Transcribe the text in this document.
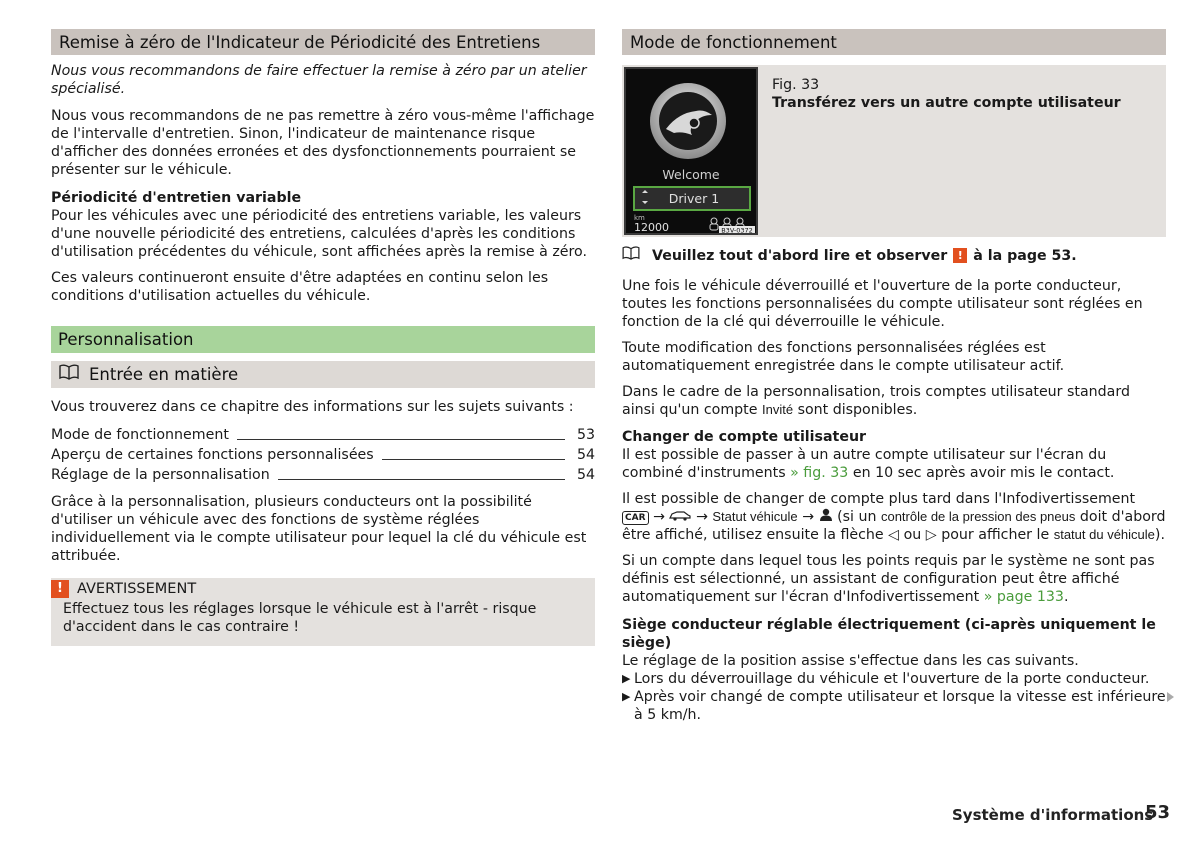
Remise à zéro de l'Indicateur de Périodicité des Entretiens

Nous vous recommandons de faire effectuer la remise à zéro par un atelier spécialisé.

Nous vous recommandons de ne pas remettre à zéro vous-même l'affichage de l'intervalle d'entretien. Sinon, l'indicateur de maintenance risque d'afficher des données erronées et des dysfonctionnements pourraient se présenter sur le véhicule.

Périodicité d'entretien variable

Pour les véhicules avec une périodicité des entretiens variable, les valeurs d'une nouvelle périodicité des entretiens, calculées d'après les conditions d'utilisation précédentes du véhicule, sont affichées après la remise à zéro.

Ces valeurs continueront ensuite d'être adaptées en continu selon les conditions d'utilisation actuelles du véhicule.

Personnalisation
Entrée en matière

Vous trouverez dans ce chapitre des informations sur les sujets suivants :

Mode de fonctionnement	53
Aperçu de certaines fonctions personnalisées	54
Réglage de la personnalisation	54

Grâce à la personnalisation, plusieurs conducteurs ont la possibilité d'utiliser un véhicule avec des fonctions de système réglées individuellement via le compte utilisateur pour lequel la clé du véhicule est attribuée.

! AVERTISSEMENT

Effectuez tous les réglages lorsque le véhicule est à l'arrêt - risque d'accident dans le cas contraire !

Mode de fonctionnement
Welcome
Driver 1
km
12000	B3V-0372

Fig. 33

Transférez vers un autre compte utilisateur

Veuillez tout d'abord lire et observer ! à la page 53.

Une fois le véhicule déverrouillé et l'ouverture de la porte conducteur, toutes les fonctions personnalisées du compte utilisateur sont réglées en fonction de la clé qui déverrouille le véhicule.

Toute modification des fonctions personnalisées réglées est automatiquement enregistrée dans le compte utilisateur actif.

Dans le cadre de la personnalisation, trois comptes utilisateur standard ainsi qu'un compte Invité sont disponibles.

Changer de compte utilisateur

Il est possible de passer à un autre compte utilisateur sur l'écran du combiné d'instruments » fig. 33 en 10 sec après avoir mis le contact.

Il est possible de changer de compte plus tard dans l'Infodivertissement CAR → → Statut véhicule → (si un contrôle de la pression des pneus doit d'abord être affiché, utilisez ensuite la flèche ◁ ou ▷ pour afficher le statut du véhicule).

Si un compte dans lequel tous les points requis par le système ne sont pas définis est sélectionné, un assistant de configuration peut être affiché automatiquement sur l'écran d'Infodivertissement » page 133.

Siège conducteur réglable électriquement (ci-après uniquement le siège)

Le réglage de la position assise s'effectue dans les cas suivants.

▶ Lors du déverrouillage du véhicule et l'ouverture de la porte conducteur.
▶ Après voir changé de compte utilisateur et lorsque la vitesse est inférieure à 5 km/h.
Système d'informations
53
